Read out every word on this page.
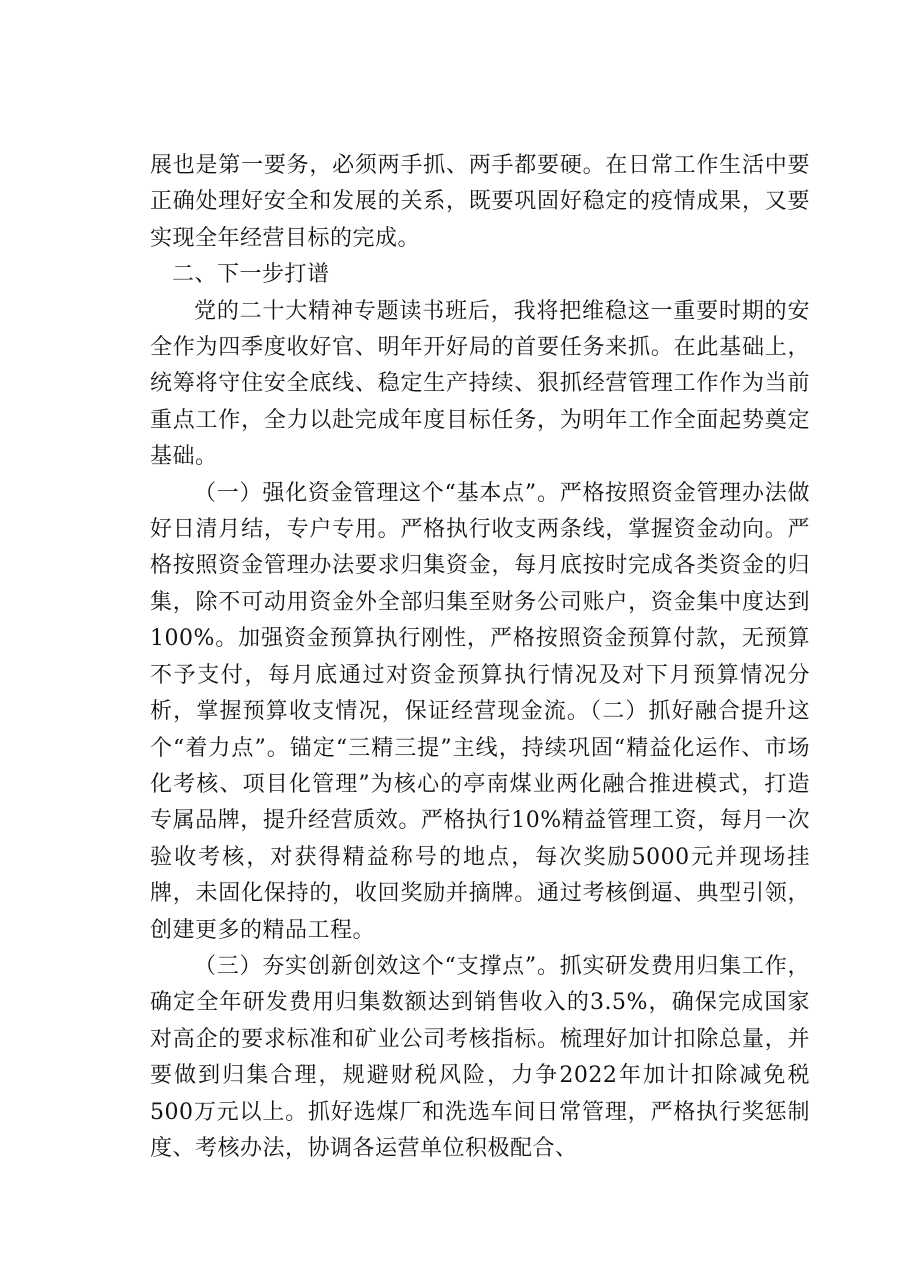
展也是第一要务，必须两手抓、两手都要硬。在日常工作生活中要正确处理好安全和发展的关系，既要巩固好稳定的疫情成果，又要实现全年经营目标的完成。

二、下一步打谱

党的二十大精神专题读书班后，我将把维稳这一重要时期的安全作为四季度收好官、明年开好局的首要任务来抓。在此基础上，统筹将守住安全底线、稳定生产持续、狠抓经营管理工作作为当前重点工作，全力以赴完成年度目标任务，为明年工作全面起势奠定基础。

（一）强化资金管理这个“基本点”。严格按照资金管理办法做好日清月结，专户专用。严格执行收支两条线，掌握资金动向。严格按照资金管理办法要求归集资金，每月底按时完成各类资金的归集，除不可动用资金外全部归集至财务公司账户，资金集中度达到100%。加强资金预算执行刚性，严格按照资金预算付款，无预算不予支付，每月底通过对资金预算执行情况及对下月预算情况分析，掌握预算收支情况，保证经营现金流。（二）抓好融合提升这个“着力点”。锚定“三精三提”主线，持续巩固“精益化运作、市场化考核、项目化管理”为核心的亭南煤业两化融合推进模式，打造专属品牌，提升经营质效。严格执行10%精益管理工资，每月一次验收考核，对获得精益称号的地点，每次奖励5000元并现场挂牌，未固化保持的，收回奖励并摘牌。通过考核倒逼、典型引领，创建更多的精品工程。

（三）夯实创新创效这个“支撑点”。抓实研发费用归集工作，确定全年研发费用归集数额达到销售收入的3.5%，确保完成国家对高企的要求标准和矿业公司考核指标。梳理好加计扣除总量，并要做到归集合理，规避财税风险，力争2022年加计扣除减免税500万元以上。抓好选煤厂和洗选车间日常管理，严格执行奖惩制度、考核办法，协调各运营单位积极配合、
